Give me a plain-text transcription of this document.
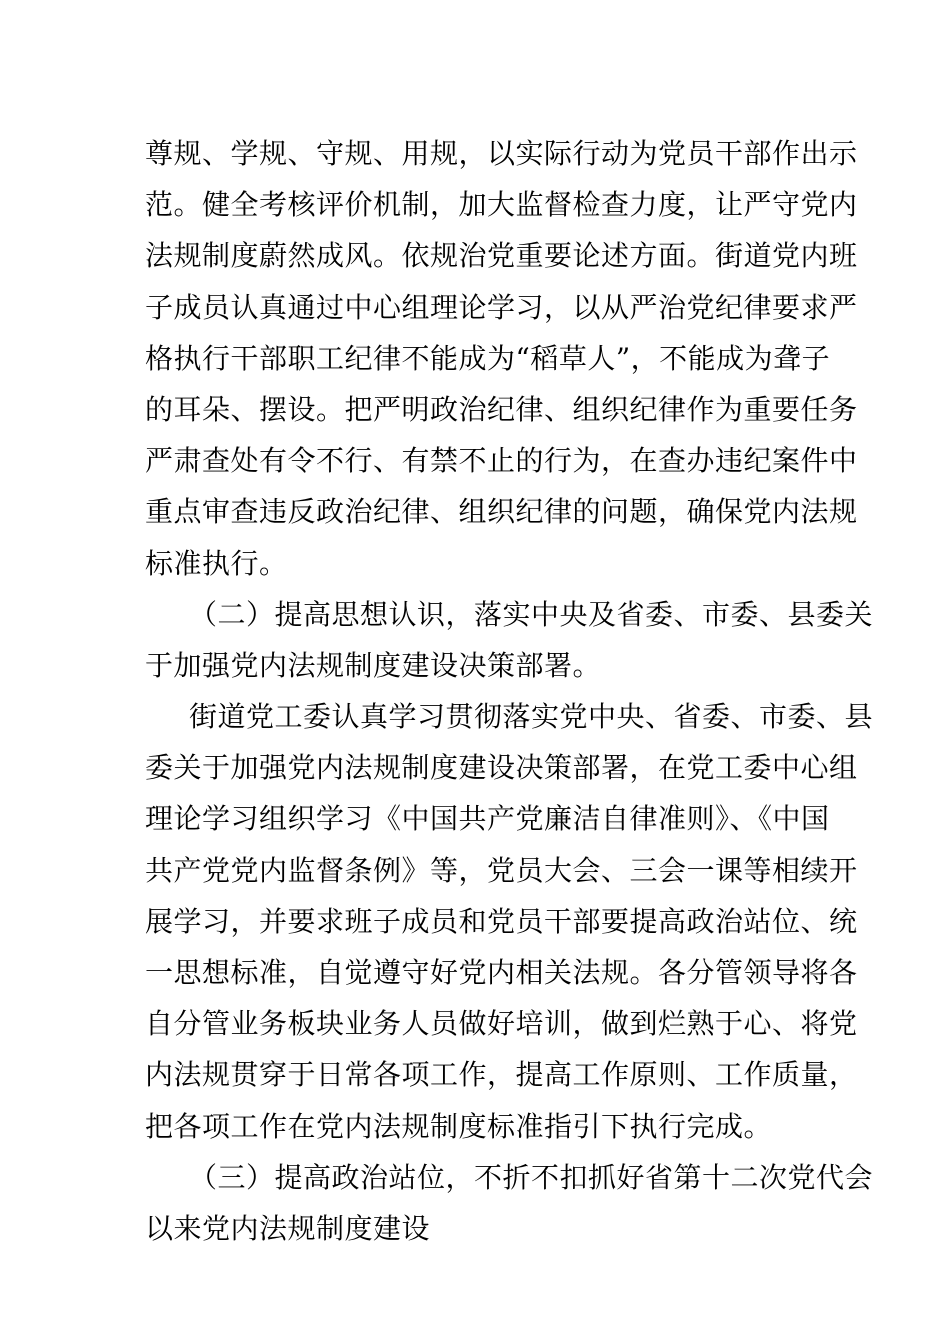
尊规、学规、守规、用规，以实际行动为党员干部作出示
范。健全考核评价机制，加大监督检查力度，让严守党内
法规制度蔚然成风。依规治党重要论述方面。街道党内班
子成员认真通过中心组理论学习，以从严治党纪律要求严
格执行干部职工纪律不能成为“稻草人”，不能成为聋子
的耳朵、摆设。把严明政治纪律、组织纪律作为重要任务
严肃查处有令不行、有禁不止的行为，在查办违纪案件中
重点审查违反政治纪律、组织纪律的问题，确保党内法规
标准执行。
（二）提高思想认识，落实中央及省委、市委、县委关
于加强党内法规制度建设决策部署。
街道党工委认真学习贯彻落实党中央、省委、市委、县
委关于加强党内法规制度建设决策部署，在党工委中心组
理论学习组织学习《中国共产党廉洁自律准则》、《中国
共产党党内监督条例》等，党员大会、三会一课等相续开
展学习，并要求班子成员和党员干部要提高政治站位、统
一思想标准，自觉遵守好党内相关法规。各分管领导将各
自分管业务板块业务人员做好培训，做到烂熟于心、将党
内法规贯穿于日常各项工作，提高工作原则、工作质量，
把各项工作在党内法规制度标准指引下执行完成。
（三）提高政治站位，不折不扣抓好省第十二次党代会
以来党内法规制度建设
